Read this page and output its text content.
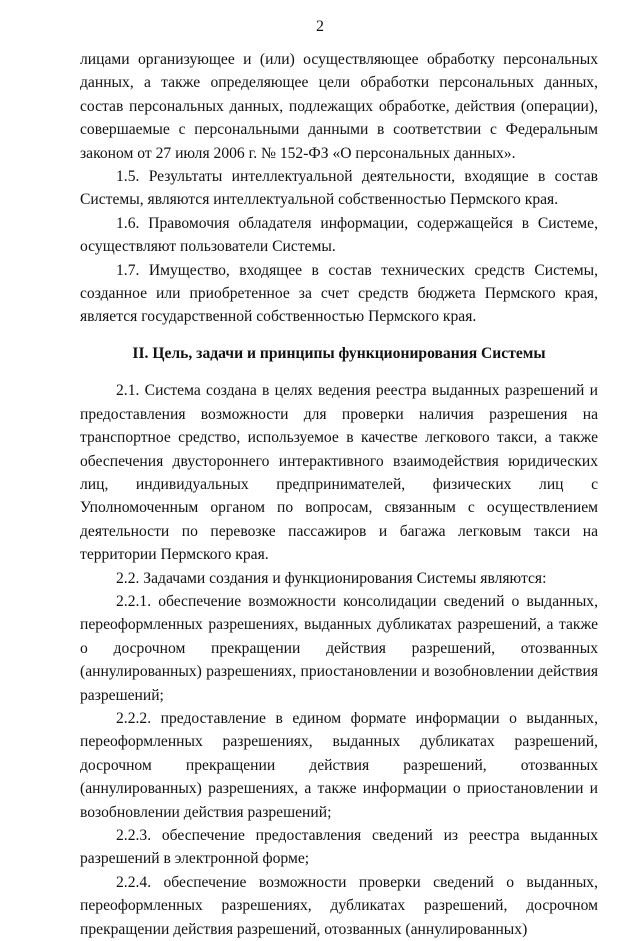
2

лицами организующее и (или) осуществляющее обработку персональных данных, а также определяющее цели обработки персональных данных, состав персональных данных, подлежащих обработке, действия (операции), совершаемые с персональными данными в соответствии с Федеральным законом от 27 июля 2006 г. № 152-ФЗ «О персональных данных».

1.5. Результаты интеллектуальной деятельности, входящие в состав Системы, являются интеллектуальной собственностью Пермского края.

1.6. Правомочия обладателя информации, содержащейся в Системе, осуществляют пользователи Системы.

1.7. Имущество, входящее в состав технических средств Системы, созданное или приобретенное за счет средств бюджета Пермского края, является государственной собственностью Пермского края.

II. Цель, задачи и принципы функционирования Системы

2.1. Система создана в целях ведения реестра выданных разрешений и предоставления возможности для проверки наличия разрешения на транспортное средство, используемое в качестве легкового такси, а также обеспечения двустороннего интерактивного взаимодействия юридических лиц, индивидуальных предпринимателей, физических лиц с Уполномоченным органом по вопросам, связанным с осуществлением деятельности по перевозке пассажиров и багажа легковым такси на территории Пермского края.

2.2. Задачами создания и функционирования Системы являются:

2.2.1. обеспечение возможности консолидации сведений о выданных, переоформленных разрешениях, выданных дубликатах разрешений, а также о досрочном прекращении действия разрешений, отозванных (аннулированных) разрешениях, приостановлении и возобновлении действия разрешений;

2.2.2. предоставление в едином формате информации о выданных, переоформленных разрешениях, выданных дубликатах разрешений, досрочном прекращении действия разрешений, отозванных (аннулированных) разрешениях, а также информации о приостановлении и возобновлении действия разрешений;

2.2.3. обеспечение предоставления сведений из реестра выданных разрешений в электронной форме;

2.2.4. обеспечение возможности проверки сведений о выданных, переоформленных разрешениях, дубликатах разрешений, досрочном прекращении действия разрешений, отозванных (аннулированных)
